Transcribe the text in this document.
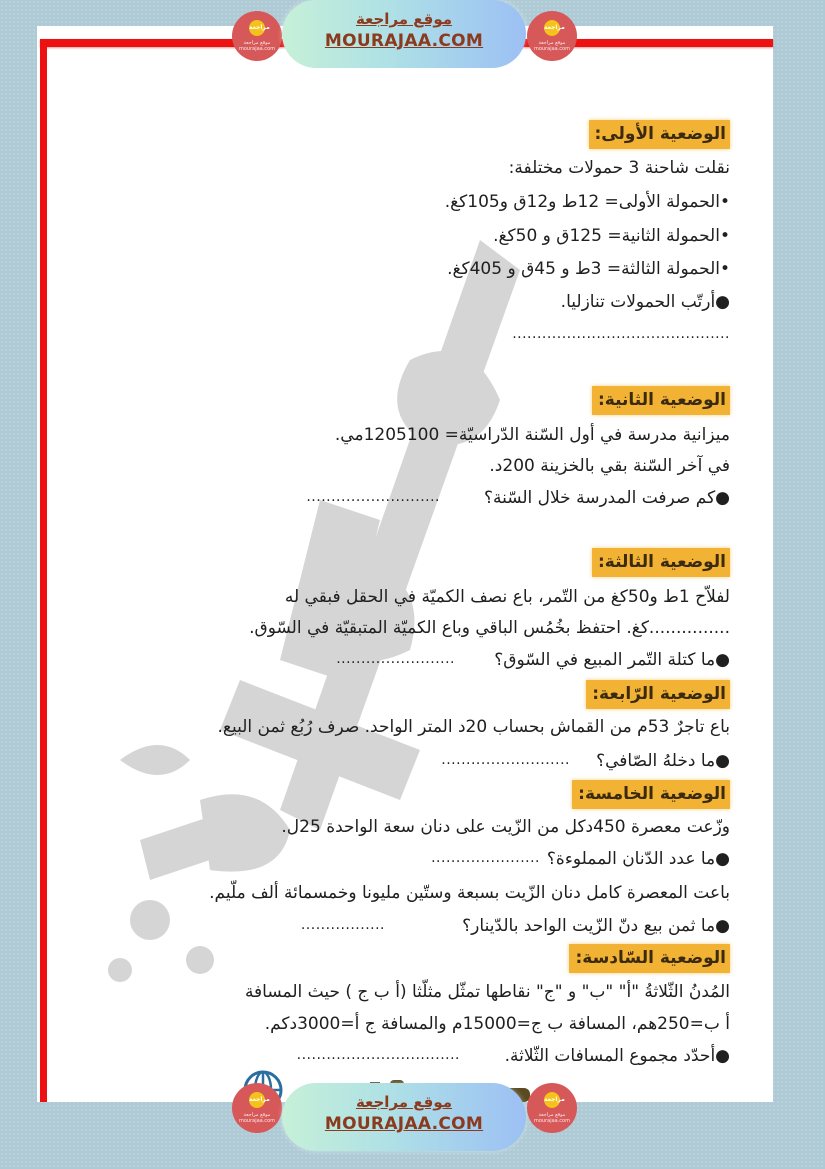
الوضعية الأولى:
نقلت شاحنة 3 حمولات مختلفة:
•الحمولة الأولى= 12ط و12ق و105كغ.
•الحمولة الثانية= 125ق و 50كغ.
•الحمولة الثالثة= 3ط و 45ق و 405كغ.
●أرتّب الحمولات تنازليا.
............................................
الوضعية الثانية:
ميزانية مدرسة في أول السّنة الدّراسيّة= 1205100مي.
في آخر السّنة بقي بالخزينة 200د.
●كم صرفت المدرسة خلال السّنة؟
...........................
الوضعية الثالثة:
لفلاّح 1ط و50كغ من التّمر، باع نصف الكميّة في الحقل فبقي له
...............كغ. احتفظ بخُمُس الباقي وباع الكميّة المتبقيّة في السّوق.
●ما كتلة التّمر المبيع في السّوق؟
........................
الوضعية الرّابعة:
باع تاجرٌ 53م من القماش بحساب 20د المتر الواحد. صرف رُبُع ثمن البيع.
●ما دخلهُ الصّافي؟
..........................
الوضعية الخامسة:
وزّعت معصرة 450دكل من الزّيت على دنان سعة الواحدة 25ل.
●ما عدد الدّنان المملوءة؟
......................
باعت المعصرة كامل دنان الزّيت بسبعة وستّين مليونا وخمسمائة ألف ملّيم.
●ما ثمن بيع دنّ الزّيت الواحد بالدّينار؟
.................
الوضعية السّادسة:
المُدنُ الثّلاثةُ "أ" "ب" و "ج" نقاطها تمثّل مثلّثا (أ ب ج ) حيث المسافة
أ ب=250هم، المسافة ب ج=15000م والمسافة ج أ=3000دكم.
●أحدّد مجموع المسافات الثّلاثة.
.................................
مراجعة
موقع مراجعة
mourajaa.com
موقع مراجعة
MOURAJAA.COM
مراجعة
موقع مراجعة
mourajaa.com
مراجعة
موقع مراجعة
mourajaa.com
موقع مراجعة
MOURAJAA.COM
مراجعة
موقع مراجعة
mourajaa.com
